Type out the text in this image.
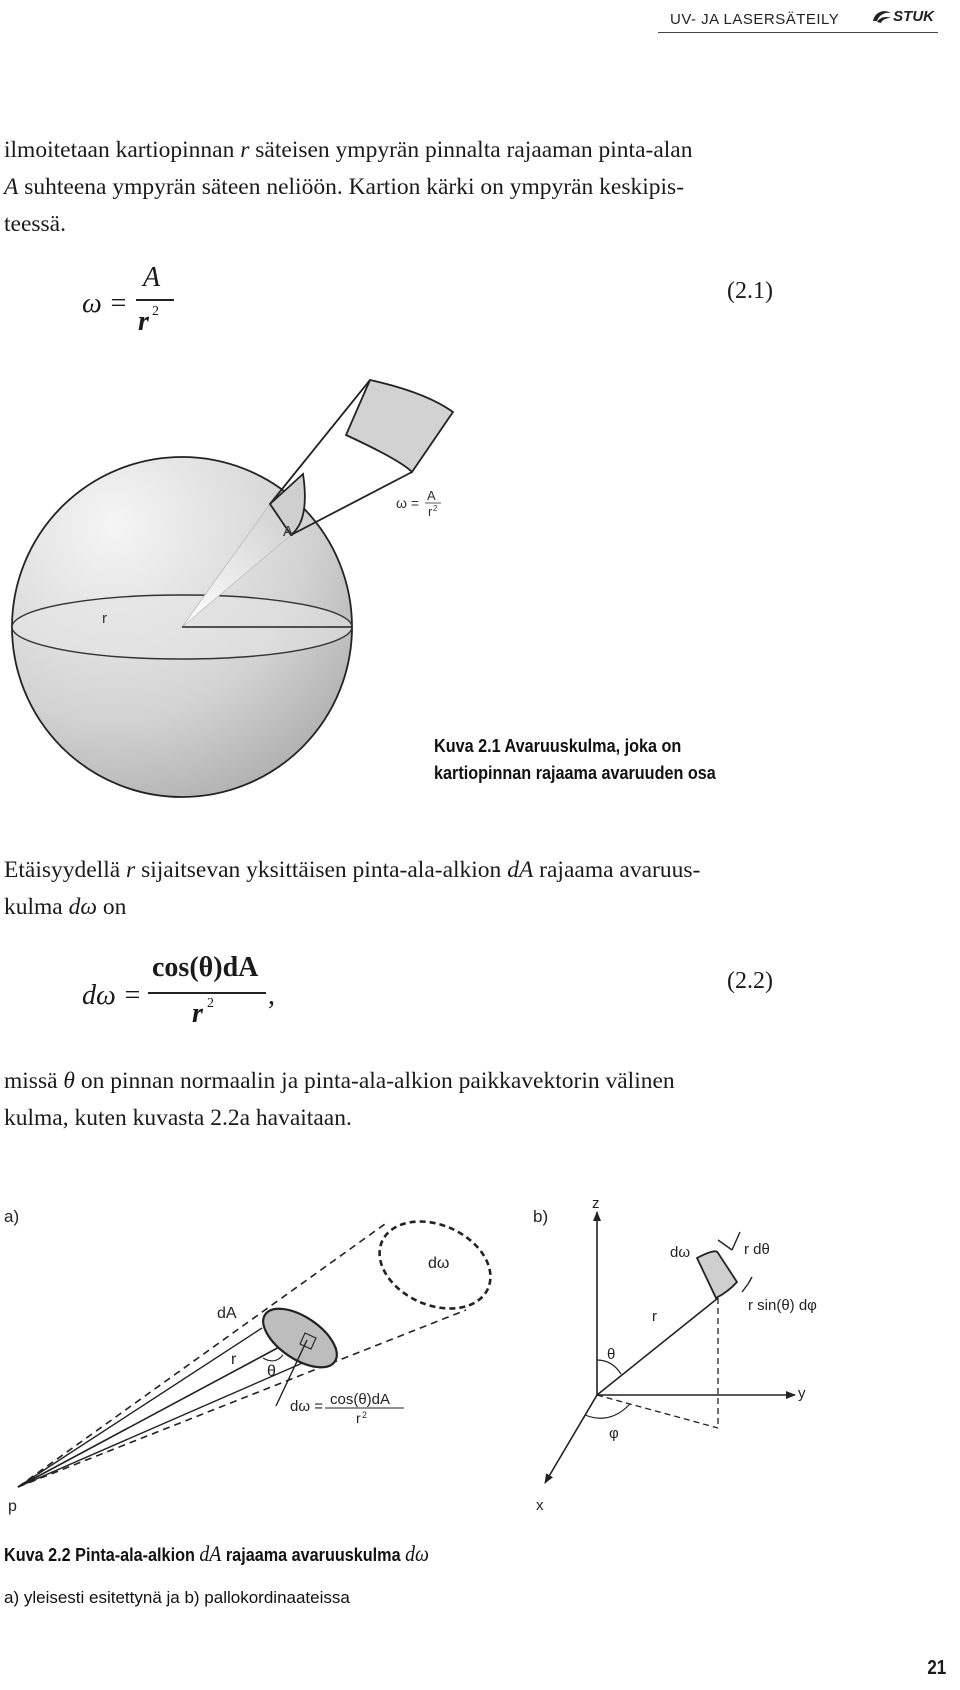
UV- JA LASERSÄTEILY	STUK

ilmoitetaan kartiopinnan r säteisen ympyrän pinnalta rajaaman pinta-alan
A suhteena ympyrän säteen neliöön. Kartion kärki on ympyrän keskipis-
teessä.

ω =
A
r 2
(2.1)
A
r
ω = A
r 2
Kuva 2.1 Avaruuskulma, joka on
kartiopinnan rajaama avaruuden osa

Etäisyydellä r sijaitsevan yksittäisen pinta-ala-alkion dA rajaama avaruus-
kulma dω on

dω =
cos(θ)dA
r 2 ,	(2.2)

missä θ on pinnan normaalin ja pinta-ala-alkion paikkavektorin välinen
kulma, kuten kuvasta 2.2a havaitaan.

a)
dω
dA
r
θ
p
dω = cos(θ)dA
r 2
b)
z
y
x
dω	r dθ
r sin(θ) dφ
r
θ
φ
Kuva 2.2 Pinta-ala-alkion dA rajaama avaruuskulma dω
a) yleisesti esitettynä ja b) pallokordinaateissa
21
